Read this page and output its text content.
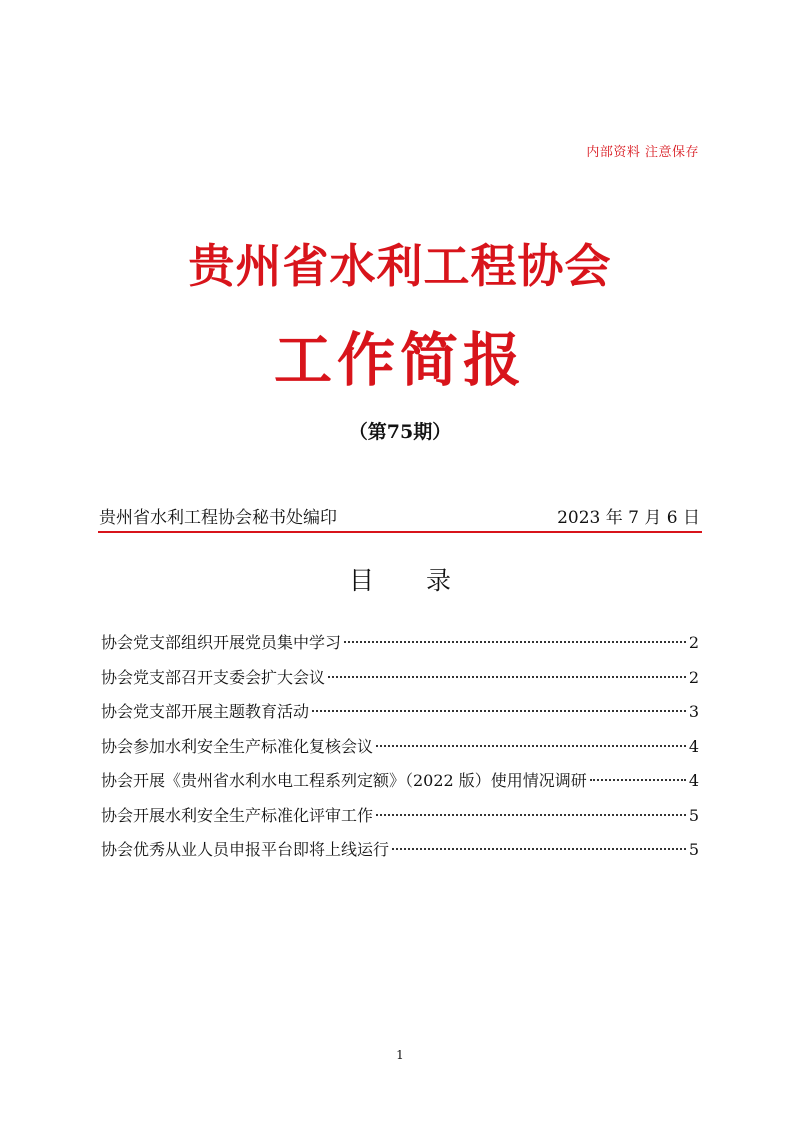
内部资料 注意保存
贵州省水利工程协会
工作简报
（第75期）
贵州省水利工程协会秘书处编印	2023 年 7 月 6 日
目 录
协会党支部组织开展党员集中学习	2
协会党支部召开支委会扩大会议	2
协会党支部开展主题教育活动	3
协会参加水利安全生产标准化复核会议	4
协会开展《贵州省水利水电工程系列定额》（2022 版）使用情况调研	4
协会开展水利安全生产标准化评审工作	5
协会优秀从业人员申报平台即将上线运行	5
1
